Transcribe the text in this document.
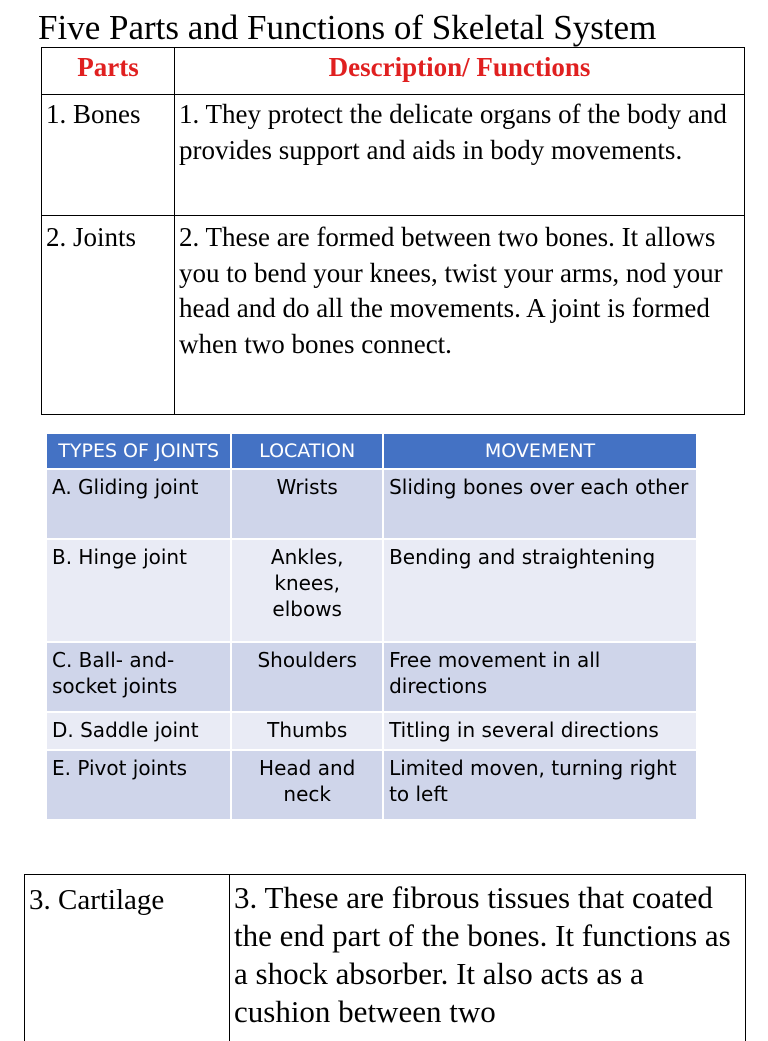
Five Parts and Functions of Skeletal System
Parts	Description/ Functions
1. Bones	1. They protect the delicate organs of the body and provides support and aids in body movements.
2. Joints	2. These are formed between two bones. It allows you to bend your knees, twist your arms, nod your head and do all the movements. A joint is formed when two bones connect.
TYPES OF JOINTS	LOCATION	MOVEMENT
A. Gliding joint	Wrists	Sliding bones over each other
B. Hinge joint	Ankles, knees, elbows	Bending and straightening
C. Ball- and-socket joints	Shoulders	Free movement in all directions
D. Saddle joint	Thumbs	Titling in several directions
E. Pivot joints	Head and neck	Limited moven, turning right to left
3. Cartilage	3. These are fibrous tissues that coated the end part of the bones. It functions as a shock absorber. It also acts as a cushion between two
